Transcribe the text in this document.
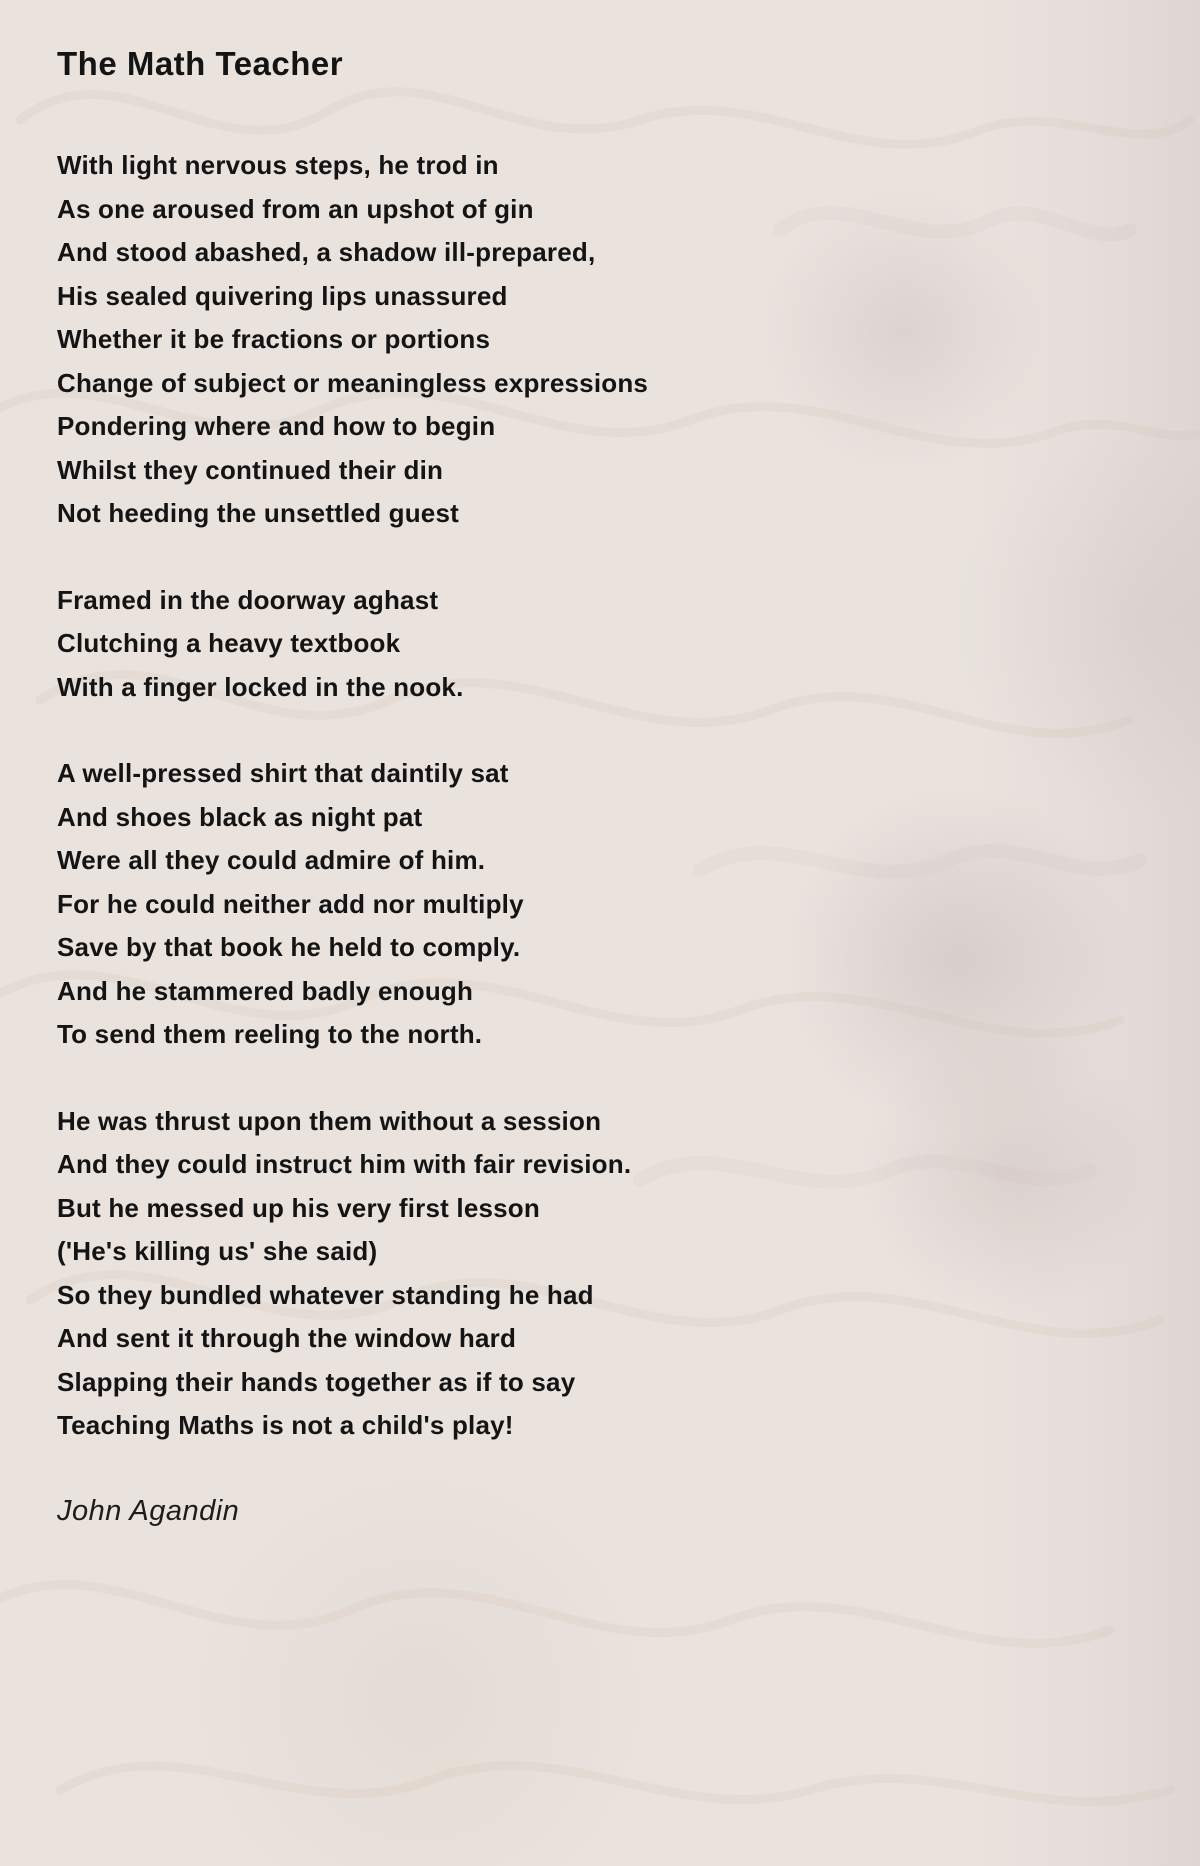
The Math Teacher

With light nervous steps, he trod in

As one aroused from an upshot of gin

And stood abashed, a shadow ill-prepared,

His sealed quivering lips unassured

Whether it be fractions or portions

Change of subject or meaningless expressions

Pondering where and how to begin

Whilst they continued their din

Not heeding the unsettled guest

Framed in the doorway aghast

Clutching a heavy textbook

With a finger locked in the nook.

A well-pressed shirt that daintily sat

And shoes black as night pat

Were all they could admire of him.

For he could neither add nor multiply

Save by that book he held to comply.

And he stammered badly enough

To send them reeling to the north.

He was thrust upon them without a session

And they could instruct him with fair revision.

But he messed up his very first lesson

('He's killing us' she said)

So they bundled whatever standing he had

And sent it through the window hard

Slapping their hands together as if to say

Teaching Maths is not a child's play!

John Agandin
